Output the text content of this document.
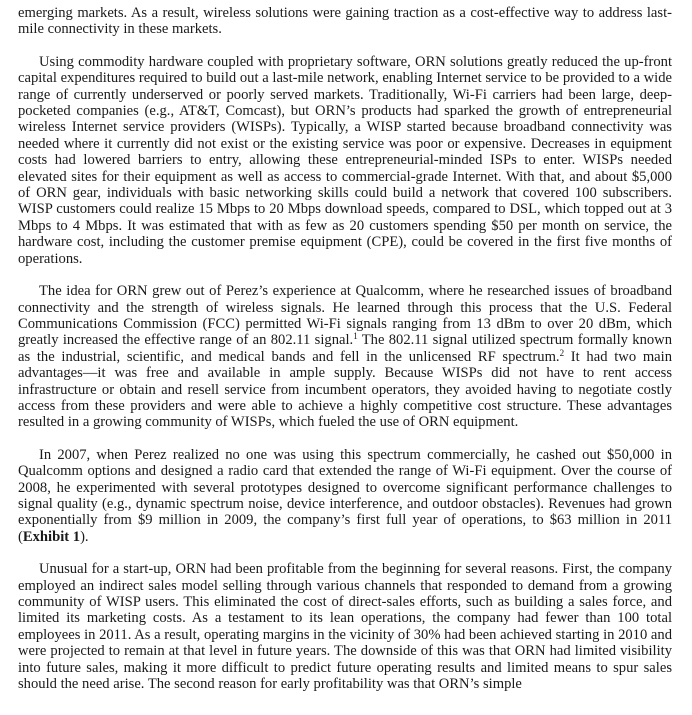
emerging markets. As a result, wireless solutions were gaining traction as a cost-effective way to address last-mile connectivity in these markets.

Using commodity hardware coupled with proprietary software, ORN solutions greatly reduced the up-front capital expenditures required to build out a last-mile network, enabling Internet service to be provided to a wide range of currently underserved or poorly served markets. Traditionally, Wi-Fi carriers had been large, deep-pocketed companies (e.g., AT&T, Comcast), but ORN’s products had sparked the growth of entrepreneurial wireless Internet service providers (WISPs). Typically, a WISP started because broadband connectivity was needed where it currently did not exist or the existing service was poor or expensive. Decreases in equipment costs had lowered barriers to entry, allowing these entrepreneurial-minded ISPs to enter. WISPs needed elevated sites for their equipment as well as access to commercial-grade Internet. With that, and about $5,000 of ORN gear, individuals with basic networking skills could build a network that covered 100 subscribers. WISP customers could realize 15 Mbps to 20 Mbps download speeds, compared to DSL, which topped out at 3 Mbps to 4 Mbps. It was estimated that with as few as 20 customers spending $50 per month on service, the hardware cost, including the customer premise equipment (CPE), could be covered in the first five months of operations.

The idea for ORN grew out of Perez’s experience at Qualcomm, where he researched issues of broadband connectivity and the strength of wireless signals. He learned through this process that the U.S. Federal Communications Commission (FCC) permitted Wi-Fi signals ranging from 13 dBm to over 20 dBm, which greatly increased the effective range of an 802.11 signal.$^1$ The 802.11 signal utilized spectrum formally known as the industrial, scientific, and medical bands and fell in the unlicensed RF spectrum.$^2$ It had two main advantages—it was free and available in ample supply. Because WISPs did not have to rent access infrastructure or obtain and resell service from incumbent operators, they avoided having to negotiate costly access from these providers and were able to achieve a highly competitive cost structure. These advantages resulted in a growing community of WISPs, which fueled the use of ORN equipment.

In 2007, when Perez realized no one was using this spectrum commercially, he cashed out $50,000 in Qualcomm options and designed a radio card that extended the range of Wi-Fi equipment. Over the course of 2008, he experimented with several prototypes designed to overcome significant performance challenges to signal quality (e.g., dynamic spectrum noise, device interference, and outdoor obstacles). Revenues had grown exponentially from $9 million in 2009, the company’s first full year of operations, to $63 million in 2011 (Exhibit 1).

Unusual for a start-up, ORN had been profitable from the beginning for several reasons. First, the company employed an indirect sales model selling through various channels that responded to demand from a growing community of WISP users. This eliminated the cost of direct-sales efforts, such as building a sales force, and limited its marketing costs. As a testament to its lean operations, the company had fewer than 100 total employees in 2011. As a result, operating margins in the vicinity of 30% had been achieved starting in 2010 and were projected to remain at that level in future years. The downside of this was that ORN had limited visibility into future sales, making it more difficult to predict future operating results and limited means to spur sales should the need arise. The second reason for early profitability was that ORN’s simple
